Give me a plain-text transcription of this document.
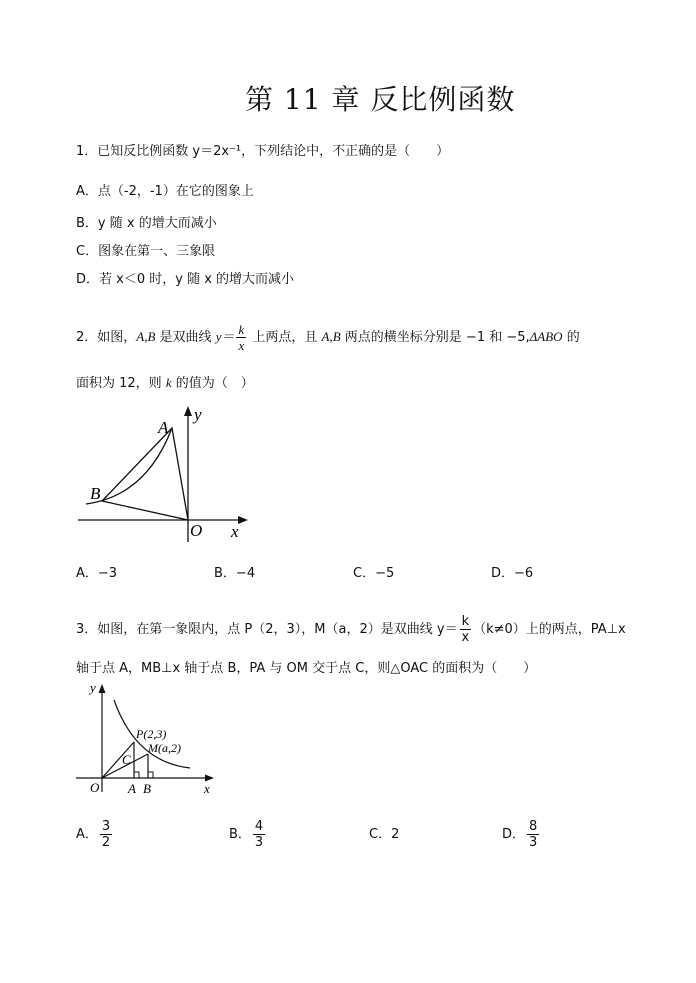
第 11 章 反比例函数
1．已知反比例函数 y＝2x⁻¹，下列结论中，不正确的是（　　）
A．点（-2，-1）在它的图象上
B．y 随 x 的增大而减小
C．图象在第一、三象限
D．若 x＜0 时，y 随 x 的增大而减小
2．如图，A,B 是双曲线 $y= \frac{k}{x}$ 上两点，且 A,B 两点的横坐标分别是 −1 和 −5,ΔABO 的
面积为 12，则 k 的值为（　）
A
B
O x
y
A．−3	B．−4	C．−5	D．−6
3．如图，在第一象限内，点 P（2，3），M（a，2）是双曲线 $y= \frac{k}{x} (k\ne 0)$上的两点，PA⊥x
轴于点 A，MB⊥x 轴于点 B，PA 与 OM 交于点 C，则△OAC 的面积为（　　）
P(2,3)
M(a,2)
C
O A B	x
y
A． $\frac{3}{2}$	B． $\frac{4}{3}$	C．2	D． $\frac{8}{3}$
